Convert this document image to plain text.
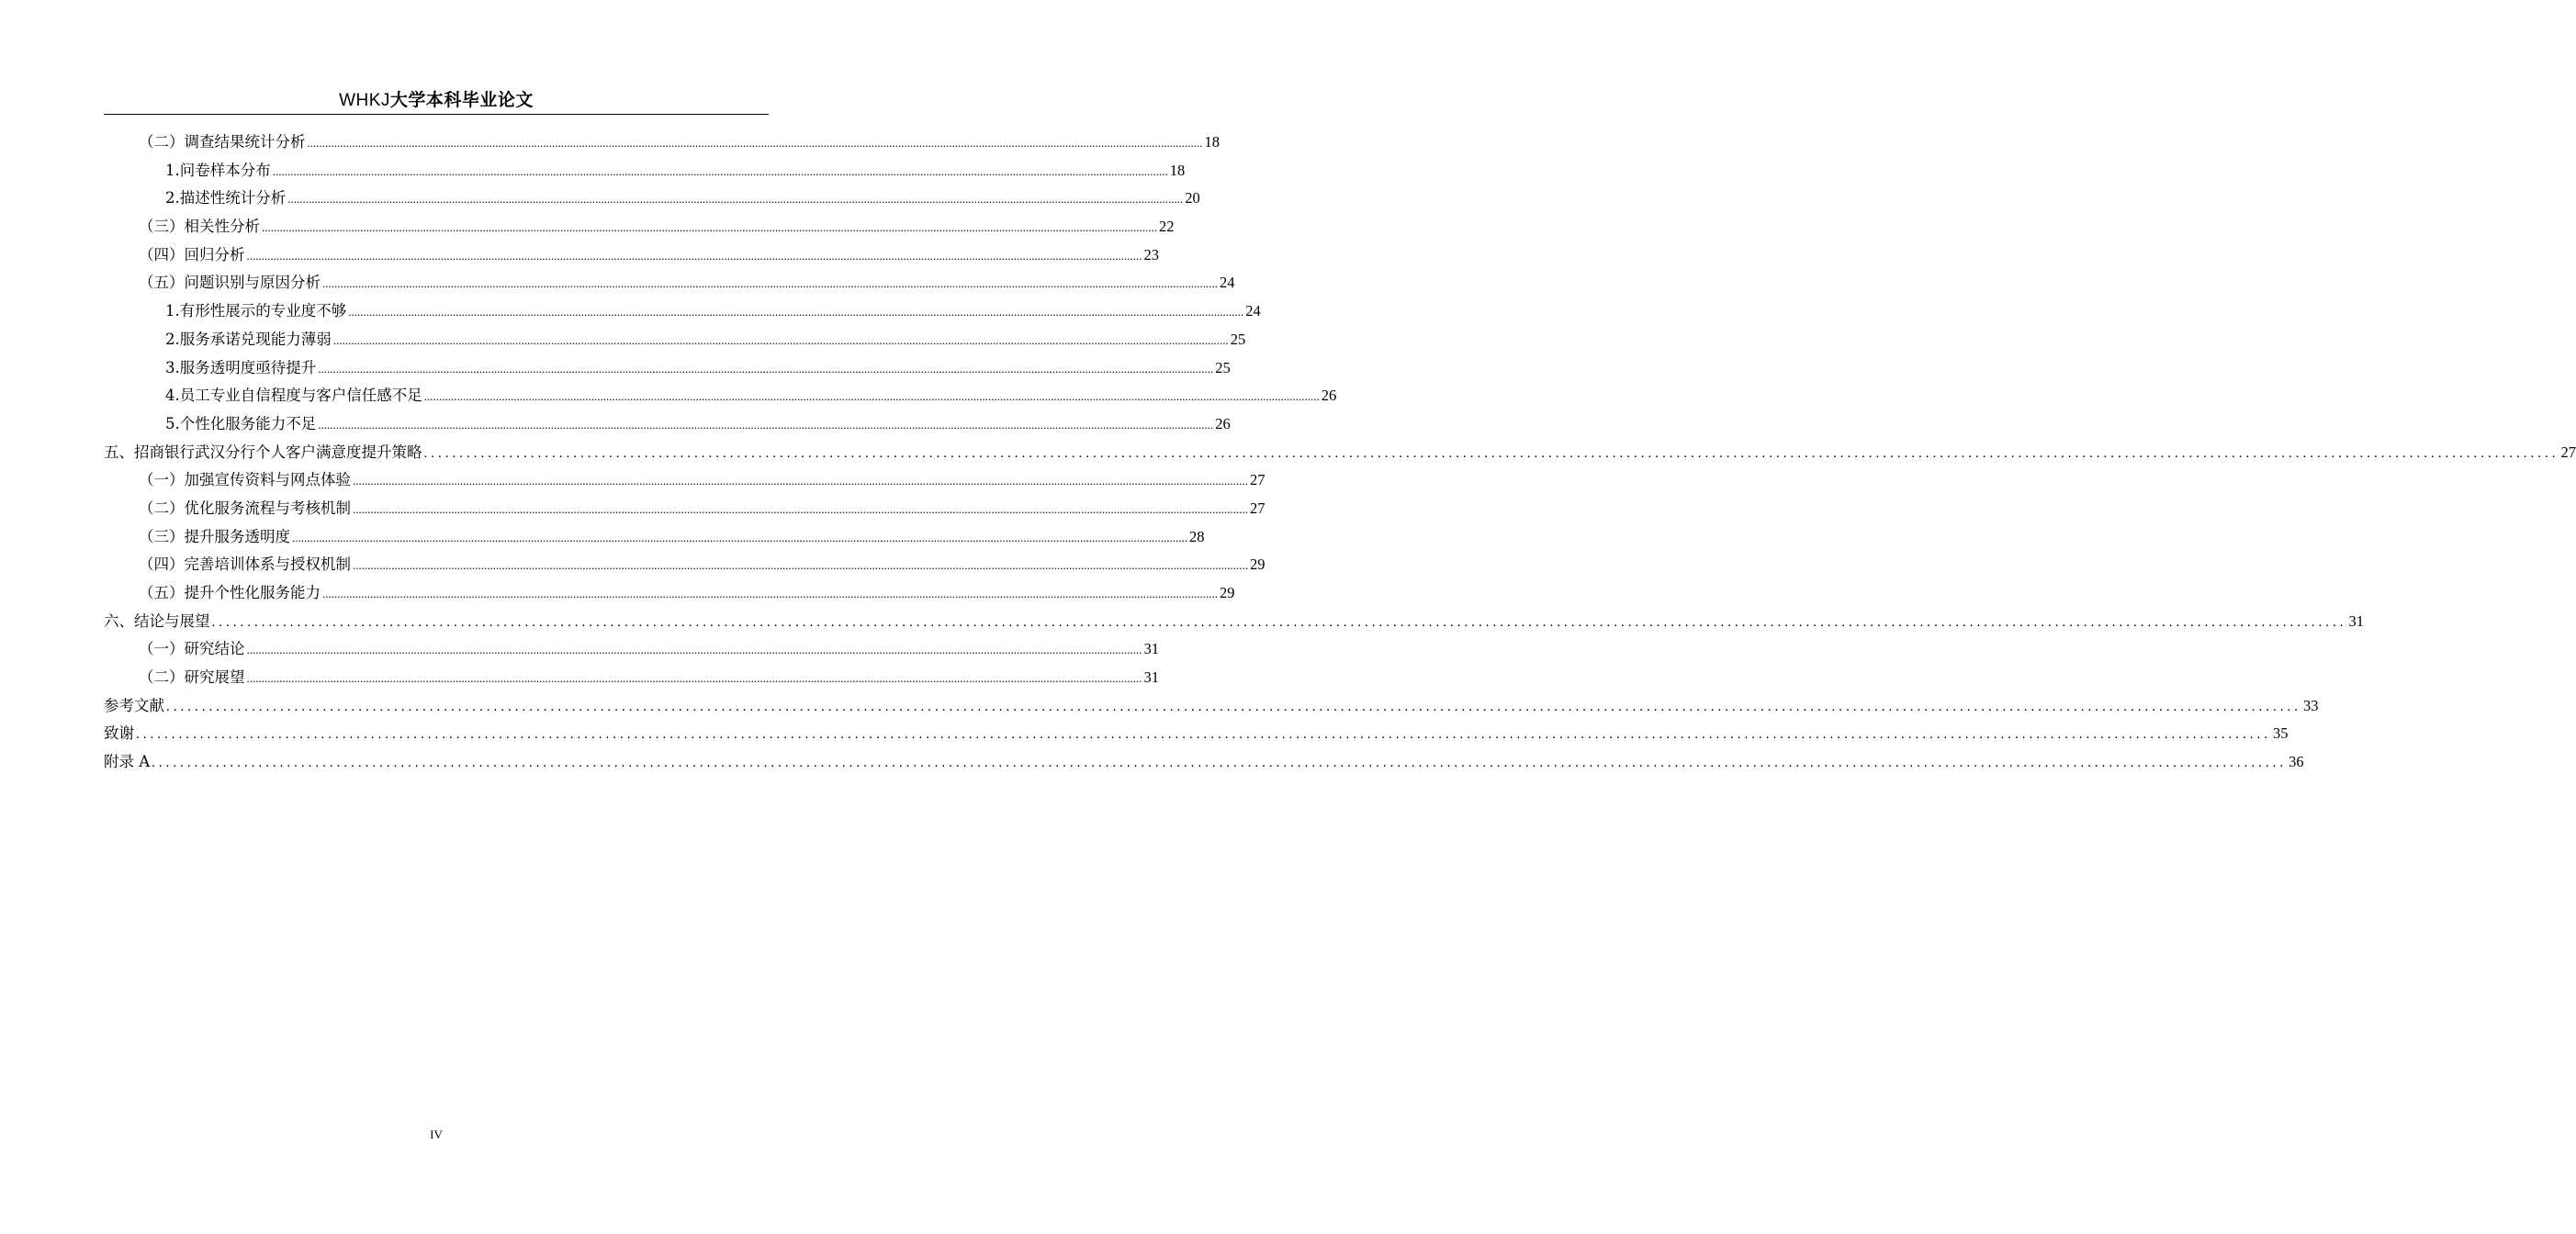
WHKJ大学本科毕业论文
（二）调查结果统计分析 ............................................................................................................................................................................................................................................................................................................ 18
1.问卷样本分布 ............................................................................................................................................................................................................................................................................................................ 18
2.描述性统计分析 ............................................................................................................................................................................................................................................................................................................ 20
（三）相关性分析 ............................................................................................................................................................................................................................................................................................................ 22
（四）回归分析 ............................................................................................................................................................................................................................................................................................................ 23
（五）问题识别与原因分析 ............................................................................................................................................................................................................................................................................................................ 24
1.有形性展示的专业度不够 ............................................................................................................................................................................................................................................................................................................ 24
2.服务承诺兑现能力薄弱 ............................................................................................................................................................................................................................................................................................................ 25
3.服务透明度亟待提升 ............................................................................................................................................................................................................................................................................................................ 25
4.员工专业自信程度与客户信任感不足 ............................................................................................................................................................................................................................................................................................................ 26
5.个性化服务能力不足 ............................................................................................................................................................................................................................................................................................................ 26
五、招商银行武汉分行个人客户满意度提升策略 ............................................................................................................................................................................................................................................................................................................ 27
（一）加强宣传资料与网点体验 ............................................................................................................................................................................................................................................................................................................ 27
（二）优化服务流程与考核机制 ............................................................................................................................................................................................................................................................................................................ 27
（三）提升服务透明度 ............................................................................................................................................................................................................................................................................................................ 28
（四）完善培训体系与授权机制 ............................................................................................................................................................................................................................................................................................................ 29
（五）提升个性化服务能力 ............................................................................................................................................................................................................................................................................................................ 29
六、结论与展望 ............................................................................................................................................................................................................................................................................................................ 31
（一）研究结论 ............................................................................................................................................................................................................................................................................................................ 31
（二）研究展望 ............................................................................................................................................................................................................................................................................................................ 31
参考文献 ............................................................................................................................................................................................................................................................................................................ 33
致谢 ............................................................................................................................................................................................................................................................................................................ 35
附录 A ............................................................................................................................................................................................................................................................................................................ 36
IV
